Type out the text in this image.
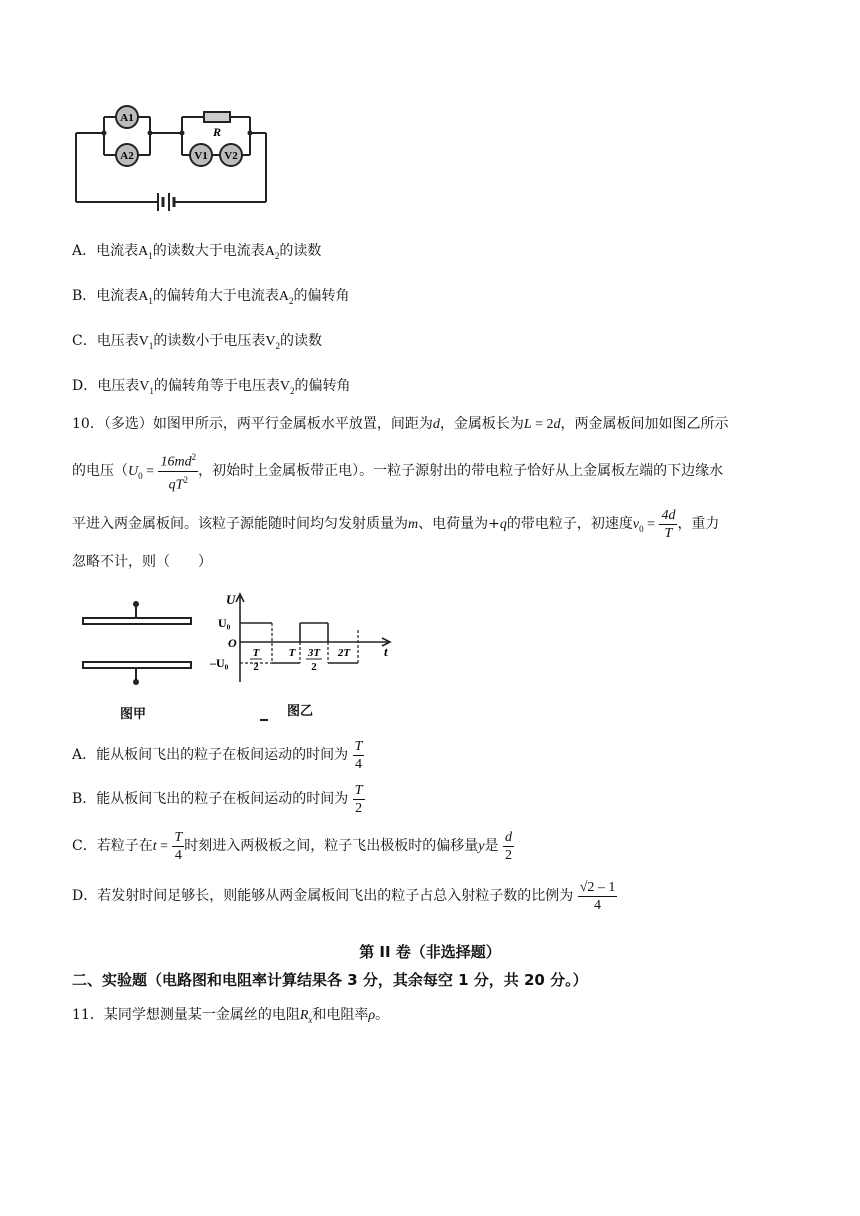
A1
A2
R
V1 V2
A．电流表$A_1$的读数大于电流表$A_2$的读数
B．电流表$A_1$的偏转角大于电流表$A_2$的偏转角
C．电压表$V_1$的读数小于电压表$V_2$的读数
D．电压表$V_1$的偏转角等于电压表$V_2$的偏转角
10．（多选）如图甲所示，两平行金属板水平放置，间距为d，金属板长为L = 2d，两金属板间加如图乙所示
的电压（$U_0 = \frac{16md^2}{qT^2}$ ，初始时上金属板带正电）。一粒子源射出的带电粒子恰好从上金属板左端的下边缘水
平进入两金属板间。该粒子源能随时间均匀发射质量为m、电荷量为+q的带电粒子，初速度$v_0 = \frac{4d}{T}$ ，重力
忽略不计，则（　　）
图甲
U
U₀
O
–U₀
t
T
2
T 3T
2
2T
图乙
A．能从板间飞出的粒子在板间运动的时间为 $\frac{T}{4}$
B．能从板间飞出的粒子在板间运动的时间为 $\frac{T}{2}$
C．若粒子在$t = \frac{T}{4}$ 时刻进入两极板之间，粒子飞出极板时的偏移量y是 $\frac{d}{2}$
D．若发射时间足够长，则能够从两金属板间飞出的粒子占总入射粒子数的比例为 $\frac{√2 - 1}{4}$
第 II 卷（非选择题）
二、实验题（电路图和电阻率计算结果各 3 分，其余每空 1 分，共 20 分。）
11．某同学想测量某一金属丝的电阻$R_x$和电阻率ρ。
